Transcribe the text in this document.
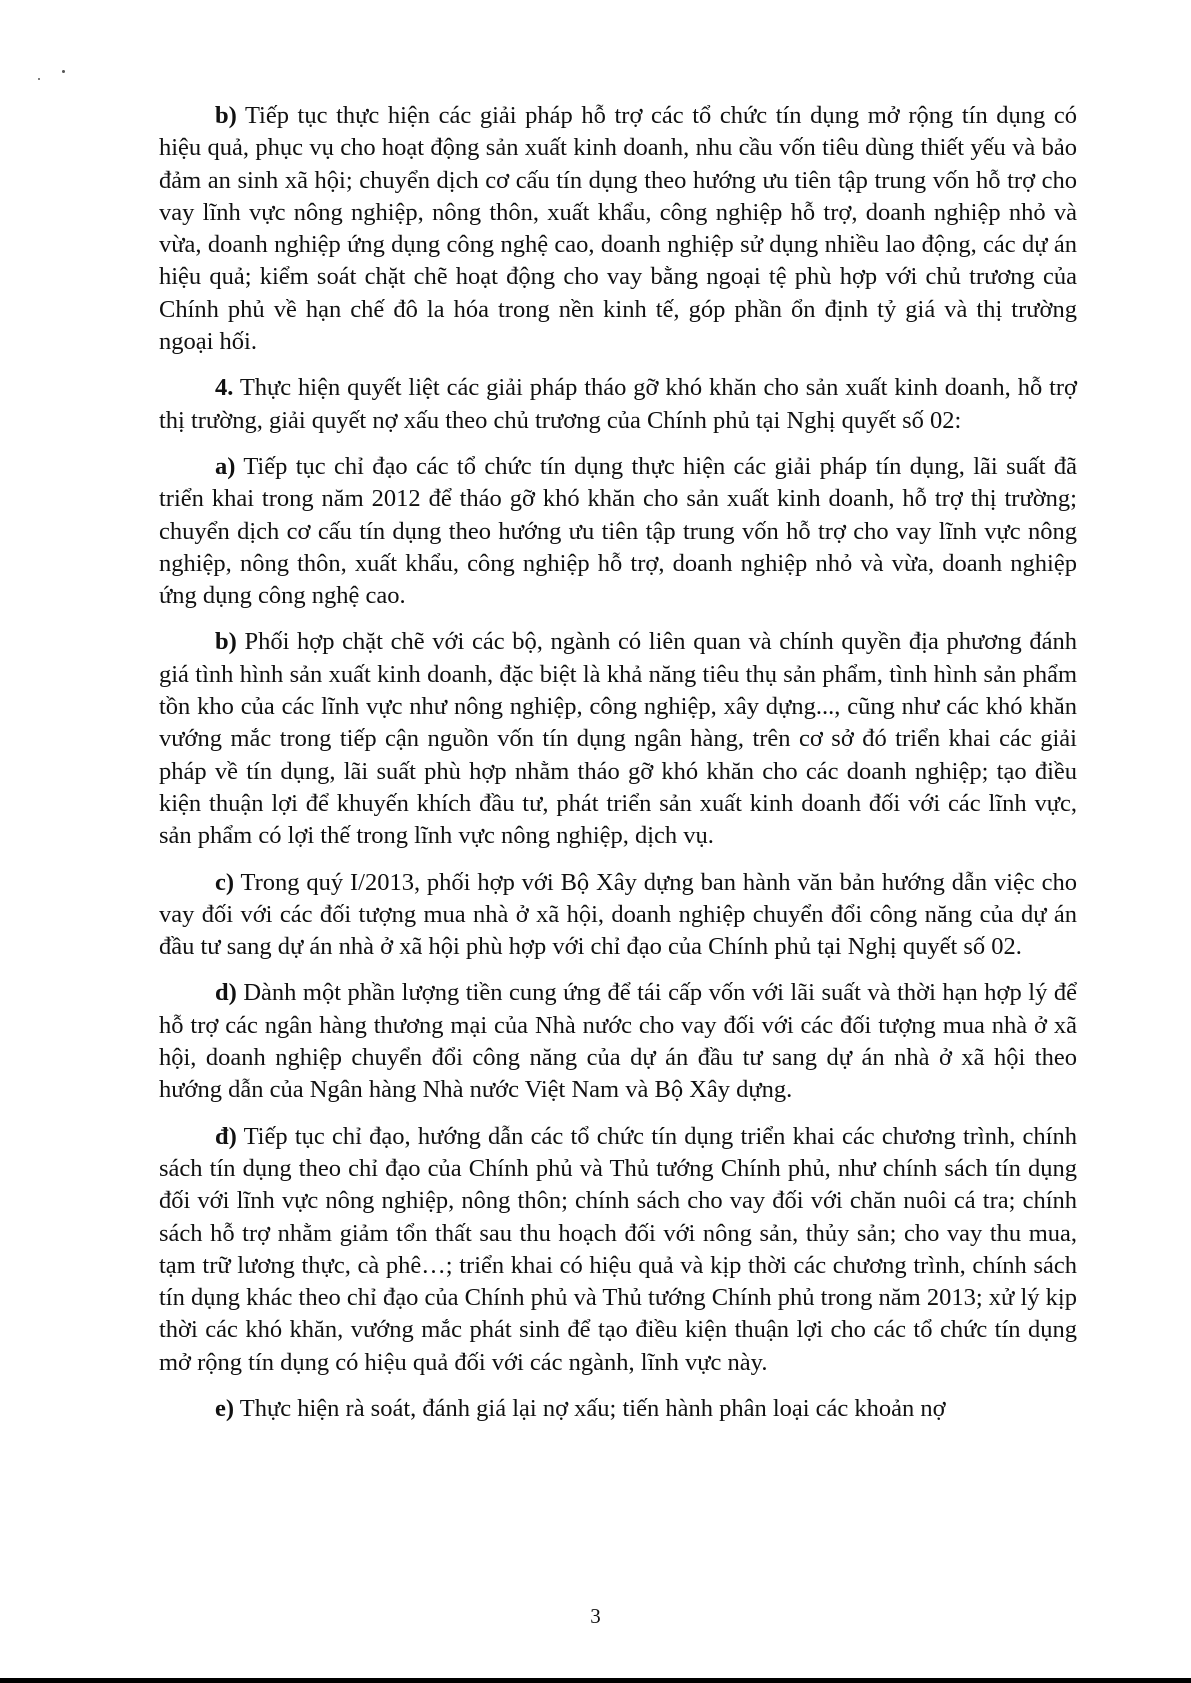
b) Tiếp tục thực hiện các giải pháp hỗ trợ các tổ chức tín dụng mở rộng tín dụng có hiệu quả, phục vụ cho hoạt động sản xuất kinh doanh, nhu cầu vốn tiêu dùng thiết yếu và bảo đảm an sinh xã hội; chuyển dịch cơ cấu tín dụng theo hướng ưu tiên tập trung vốn hỗ trợ cho vay lĩnh vực nông nghiệp, nông thôn, xuất khẩu, công nghiệp hỗ trợ, doanh nghiệp nhỏ và vừa, doanh nghiệp ứng dụng công nghệ cao, doanh nghiệp sử dụng nhiều lao động, các dự án hiệu quả; kiểm soát chặt chẽ hoạt động cho vay bằng ngoại tệ phù hợp với chủ trương của Chính phủ về hạn chế đô la hóa trong nền kinh tế, góp phần ổn định tỷ giá và thị trường ngoại hối.

4. Thực hiện quyết liệt các giải pháp tháo gỡ khó khăn cho sản xuất kinh doanh, hỗ trợ thị trường, giải quyết nợ xấu theo chủ trương của Chính phủ tại Nghị quyết số 02:

a) Tiếp tục chỉ đạo các tổ chức tín dụng thực hiện các giải pháp tín dụng, lãi suất đã triển khai trong năm 2012 để tháo gỡ khó khăn cho sản xuất kinh doanh, hỗ trợ thị trường; chuyển dịch cơ cấu tín dụng theo hướng ưu tiên tập trung vốn hỗ trợ cho vay lĩnh vực nông nghiệp, nông thôn, xuất khẩu, công nghiệp hỗ trợ, doanh nghiệp nhỏ và vừa, doanh nghiệp ứng dụng công nghệ cao.

b) Phối hợp chặt chẽ với các bộ, ngành có liên quan và chính quyền địa phương đánh giá tình hình sản xuất kinh doanh, đặc biệt là khả năng tiêu thụ sản phẩm, tình hình sản phẩm tồn kho của các lĩnh vực như nông nghiệp, công nghiệp, xây dựng..., cũng như các khó khăn vướng mắc trong tiếp cận nguồn vốn tín dụng ngân hàng, trên cơ sở đó triển khai các giải pháp về tín dụng, lãi suất phù hợp nhằm tháo gỡ khó khăn cho các doanh nghiệp; tạo điều kiện thuận lợi để khuyến khích đầu tư, phát triển sản xuất kinh doanh đối với các lĩnh vực, sản phẩm có lợi thế trong lĩnh vực nông nghiệp, dịch vụ.

c) Trong quý I/2013, phối hợp với Bộ Xây dựng ban hành văn bản hướng dẫn việc cho vay đối với các đối tượng mua nhà ở xã hội, doanh nghiệp chuyển đổi công năng của dự án đầu tư sang dự án nhà ở xã hội phù hợp với chỉ đạo của Chính phủ tại Nghị quyết số 02.

d) Dành một phần lượng tiền cung ứng để tái cấp vốn với lãi suất và thời hạn hợp lý để hỗ trợ các ngân hàng thương mại của Nhà nước cho vay đối với các đối tượng mua nhà ở xã hội, doanh nghiệp chuyển đổi công năng của dự án đầu tư sang dự án nhà ở xã hội theo hướng dẫn của Ngân hàng Nhà nước Việt Nam và Bộ Xây dựng.

đ) Tiếp tục chỉ đạo, hướng dẫn các tổ chức tín dụng triển khai các chương trình, chính sách tín dụng theo chỉ đạo của Chính phủ và Thủ tướng Chính phủ, như chính sách tín dụng đối với lĩnh vực nông nghiệp, nông thôn; chính sách cho vay đối với chăn nuôi cá tra; chính sách hỗ trợ nhằm giảm tổn thất sau thu hoạch đối với nông sản, thủy sản; cho vay thu mua, tạm trữ lương thực, cà phê…; triển khai có hiệu quả và kịp thời các chương trình, chính sách tín dụng khác theo chỉ đạo của Chính phủ và Thủ tướng Chính phủ trong năm 2013; xử lý kịp thời các khó khăn, vướng mắc phát sinh để tạo điều kiện thuận lợi cho các tổ chức tín dụng mở rộng tín dụng có hiệu quả đối với các ngành, lĩnh vực này.

e) Thực hiện rà soát, đánh giá lại nợ xấu; tiến hành phân loại các khoản nợ

3
